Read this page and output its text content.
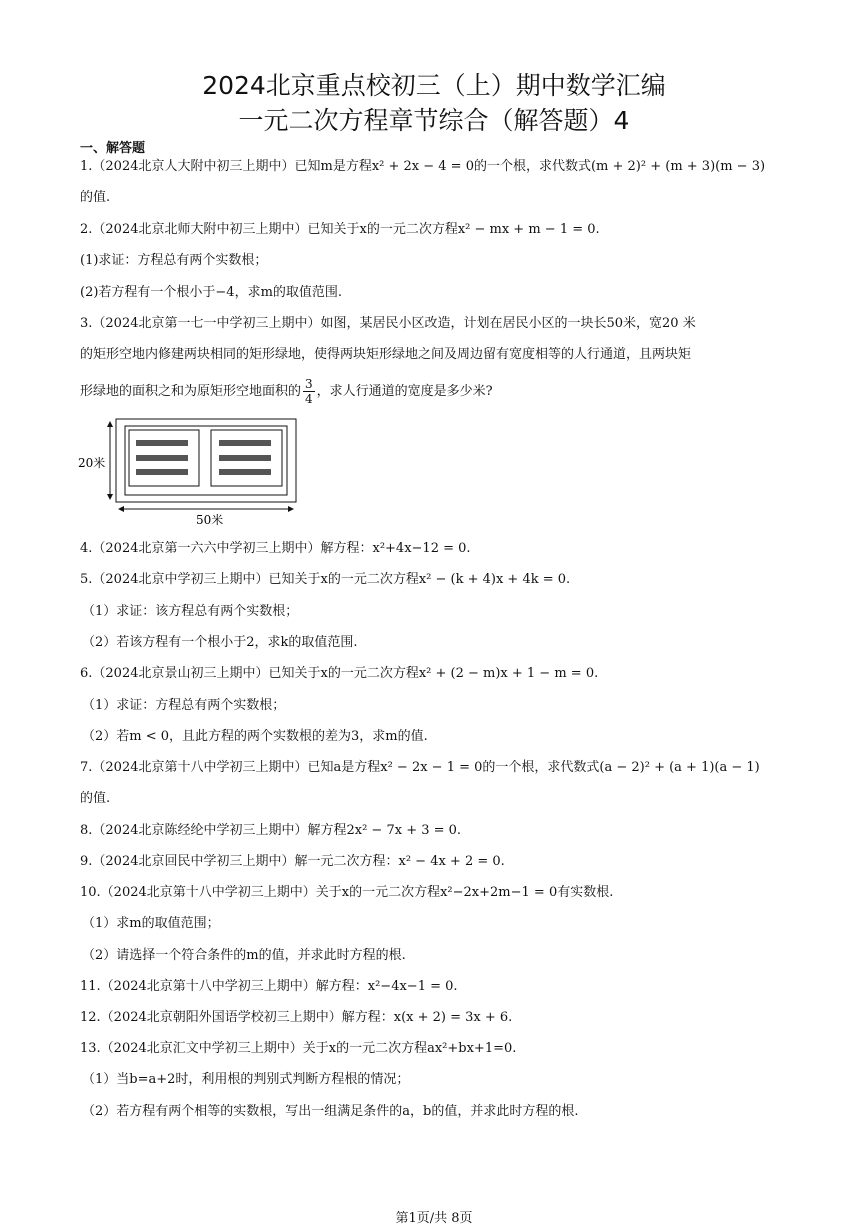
2024北京重点校初三（上）期中数学汇编
一元二次方程章节综合（解答题）4
一、解答题
1.（2024北京人大附中初三上期中）已知m是方程x² + 2x − 4 = 0的一个根，求代数式(m + 2)² + (m + 3)(m − 3)
的值.
2.（2024北京北师大附中初三上期中）已知关于x的一元二次方程x² − mx + m − 1 = 0.
(1)求证：方程总有两个实数根；
(2)若方程有一个根小于−4，求m的取值范围.
3.（2024北京第一七一中学初三上期中）如图，某居民小区改造，计划在居民小区的一块长50米，宽20 米
的矩形空地内修建两块相同的矩形绿地，使得两块矩形绿地之间及周边留有宽度相等的人行通道，且两块矩
4.（2024北京第一六六中学初三上期中）解方程：x²+4x−12 = 0.
5.（2024北京中学初三上期中）已知关于x的一元二次方程x² − (k + 4)x + 4k = 0.
（1）求证：该方程总有两个实数根；
（2）若该方程有一个根小于2，求k的取值范围.
6.（2024北京景山初三上期中）已知关于x的一元二次方程x² + (2 − m)x + 1 − m = 0.
（1）求证：方程总有两个实数根；
（2）若m < 0，且此方程的两个实数根的差为3，求m的值.
7.（2024北京第十八中学初三上期中）已知a是方程x² − 2x − 1 = 0的一个根，求代数式(a − 2)² + (a + 1)(a − 1)
的值.
8.（2024北京陈经纶中学初三上期中）解方程2x² − 7x + 3 = 0.
9.（2024北京回民中学初三上期中）解一元二次方程：x² − 4x + 2 = 0.
10.（2024北京第十八中学初三上期中）关于x的一元二次方程x²−2x+2m−1 = 0有实数根.
（1）求m的取值范围；
（2）请选择一个符合条件的m的值，并求此时方程的根.
11.（2024北京第十八中学初三上期中）解方程：x²−4x−1 = 0.
12.（2024北京朝阳外国语学校初三上期中）解方程：x(x + 2) = 3x + 6.
13.（2024北京汇文中学初三上期中）关于x的一元二次方程ax²+bx+1=0.
（1）当b=a+2时，利用根的判别式判断方程根的情况；
（2）若方程有两个相等的实数根，写出一组满足条件的a，b的值，并求此时方程的根.
形绿地的面积之和为原矩形空地面积的 $\frac{3}{4}$ ，求人行通道的宽度是多少米?
20米
50米
第1页/共 8页
